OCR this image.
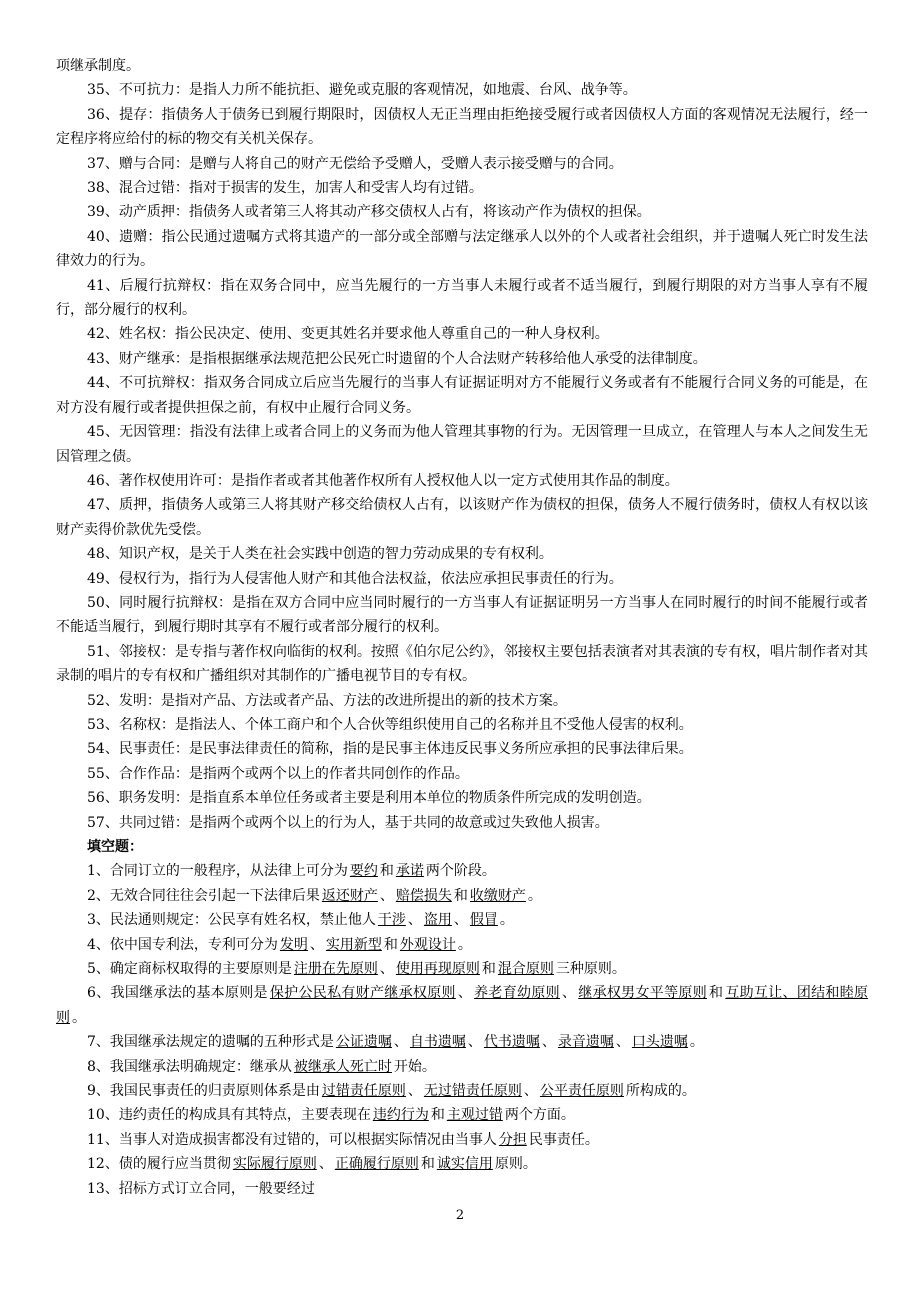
项继承制度。

35、不可抗力：是指人力所不能抗拒、避免或克服的客观情况，如地震、台风、战争等。

36、提存：指债务人于债务已到履行期限时，因债权人无正当理由拒绝接受履行或者因债权人方面的客观情况无法履行，经一定程序将应给付的标的物交有关机关保存。

37、赠与合同：是赠与人将自己的财产无偿给予受赠人，受赠人表示接受赠与的合同。

38、混合过错：指对于损害的发生，加害人和受害人均有过错。

39、动产质押：指债务人或者第三人将其动产移交债权人占有，将该动产作为债权的担保。

40、遗赠：指公民通过遗嘱方式将其遗产的一部分或全部赠与法定继承人以外的个人或者社会组织，并于遗嘱人死亡时发生法律效力的行为。

41、后履行抗辩权：指在双务合同中，应当先履行的一方当事人未履行或者不适当履行，到履行期限的对方当事人享有不履行，部分履行的权利。

42、姓名权：指公民决定、使用、变更其姓名并要求他人尊重自己的一种人身权利。

43、财产继承：是指根据继承法规范把公民死亡时遗留的个人合法财产转移给他人承受的法律制度。

44、不可抗辩权：指双务合同成立后应当先履行的当事人有证据证明对方不能履行义务或者有不能履行合同义务的可能是，在对方没有履行或者提供担保之前，有权中止履行合同义务。

45、无因管理：指没有法律上或者合同上的义务而为他人管理其事物的行为。无因管理一旦成立，在管理人与本人之间发生无因管理之债。

46、著作权使用许可：是指作者或者其他著作权所有人授权他人以一定方式使用其作品的制度。

47、质押，指债务人或第三人将其财产移交给债权人占有，以该财产作为债权的担保，债务人不履行债务时，债权人有权以该财产卖得价款优先受偿。

48、知识产权，是关于人类在社会实践中创造的智力劳动成果的专有权利。

49、侵权行为，指行为人侵害他人财产和其他合法权益，依法应承担民事责任的行为。

50、同时履行抗辩权：是指在双方合同中应当同时履行的一方当事人有证据证明另一方当事人在同时履行的时间不能履行或者不能适当履行，到履行期时其享有不履行或者部分履行的权利。

51、邻接权：是专指与著作权向临街的权利。按照《伯尔尼公约》，邻接权主要包括表演者对其表演的专有权，唱片制作者对其录制的唱片的专有权和广播组织对其制作的广播电视节目的专有权。

52、发明：是指对产品、方法或者产品、方法的改进所提出的新的技术方案。

53、名称权：是指法人、个体工商户和个人合伙等组织使用自己的名称并且不受他人侵害的权利。

54、民事责任：是民事法律责任的简称，指的是民事主体违反民事义务所应承担的民事法律后果。

55、合作作品：是指两个或两个以上的作者共同创作的作品。

56、职务发明：是指直系本单位任务或者主要是利用本单位的物质条件所完成的发明创造。

57、共同过错：是指两个或两个以上的行为人，基于共同的故意或过失致他人损害。

填空题：

1、合同订立的一般程序，从法律上可分为 要约 和 承诺 两个阶段。

2、无效合同往往会引起一下法律后果 返还财产 、 赔偿损失 和 收缴财产 。

3、民法通则规定：公民享有姓名权，禁止他人 干涉 、 盗用 、 假冒 。

4、依中国专利法，专利可分为 发明 、 实用新型 和 外观设计 。

5、确定商标权取得的主要原则是 注册在先原则 、 使用再现原则 和 混合原则 三种原则。

6、我国继承法的基本原则是 保护公民私有财产继承权原则 、 养老育幼原则 、 继承权男女平等原则 和 互助互让、团结和睦原则 。

7、我国继承法规定的遗嘱的五种形式是 公证遗嘱 、 自书遗嘱 、 代书遗嘱 、 录音遗嘱 、 口头遗嘱 。

8、我国继承法明确规定：继承从 被继承人死亡时 开始。

9、我国民事责任的归责原则体系是由 过错责任原则 、 无过错责任原则 、 公平责任原则 所构成的。

10、违约责任的构成具有其特点，主要表现在 违约行为 和 主观过错 两个方面。

11、当事人对造成损害都没有过错的，可以根据实际情况由当事人 分担 民事责任。

12、债的履行应当贯彻 实际履行原则 、 正确履行原则 和 诚实信用 原则。

13、招标方式订立合同，一般要经过

2
